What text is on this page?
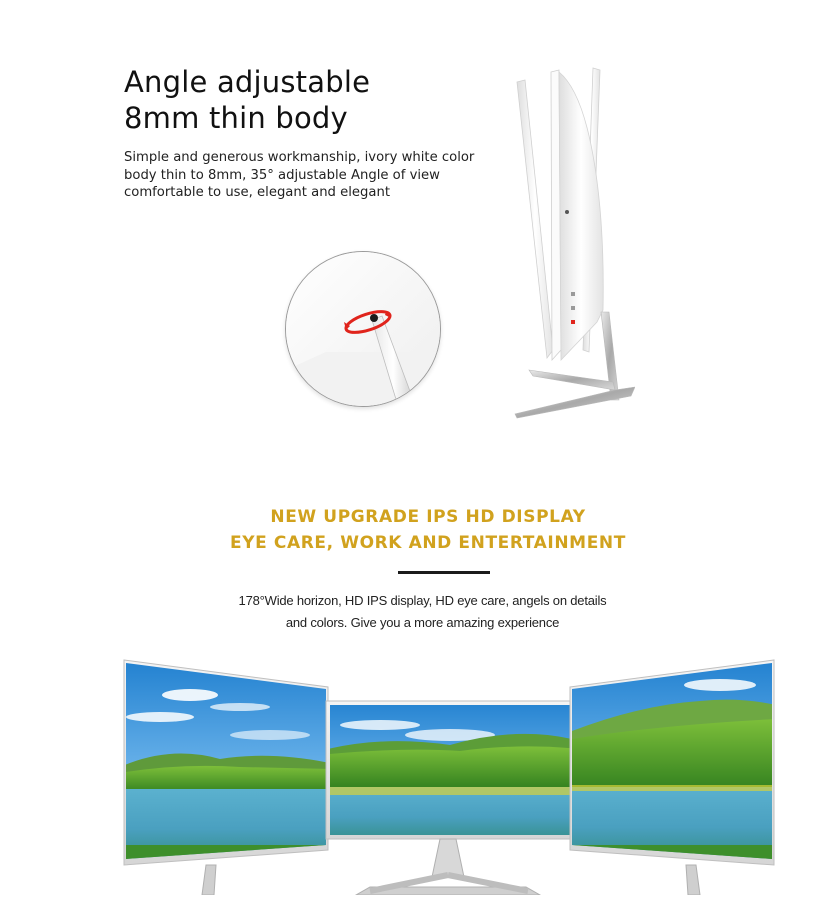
Angle adjustable
8mm thin body

Simple and generous workmanship, ivory white color
body thin to 8mm, 35° adjustable Angle of view
comfortable to use, elegant and elegant

NEW UPGRADE IPS HD DISPLAY
EYE CARE, WORK AND ENTERTAINMENT

178°Wide horizon, HD IPS display, HD eye care, angels on details
and colors. Give you a more amazing experience
